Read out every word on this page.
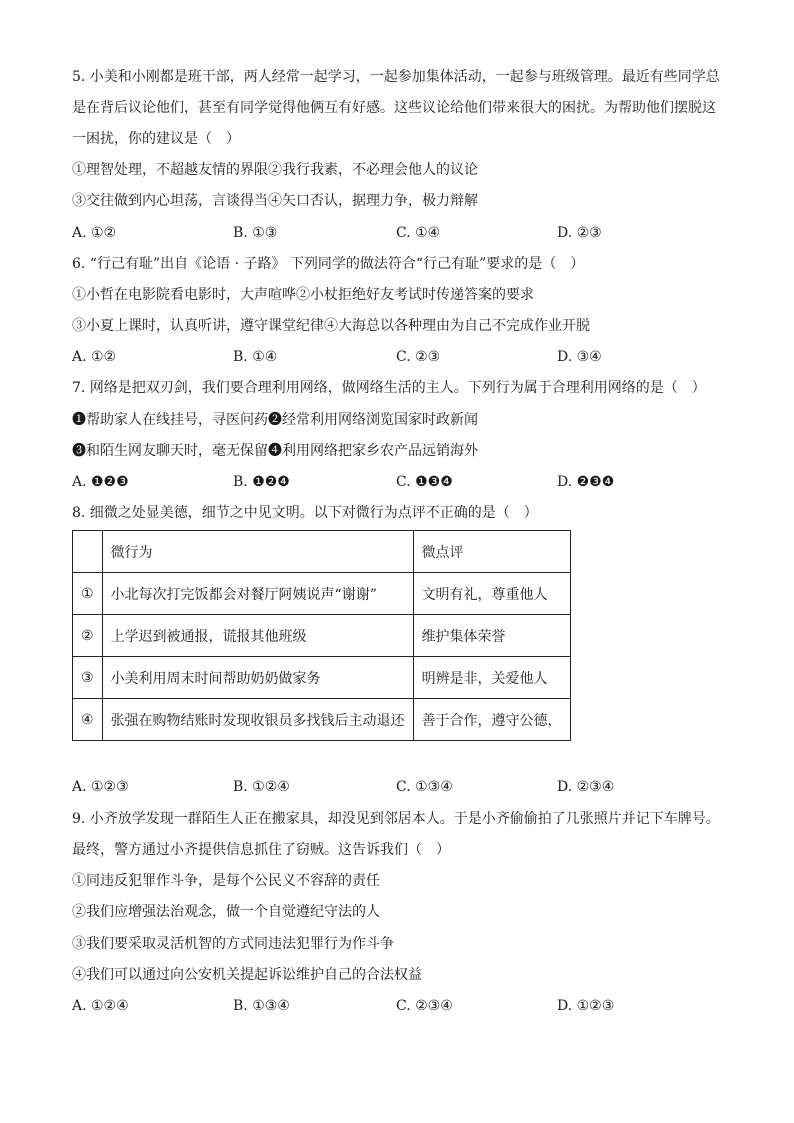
5. 小美和小刚都是班干部，两人经常一起学习，一起参加集体活动，一起参与班级管理。最近有些同学总
是在背后议论他们，甚至有同学觉得他俩互有好感。这些议论给他们带来很大的困扰。为帮助他们摆脱这
一困扰，你的建议是（　）
①理智处理，不超越友情的界限②我行我素，不必理会他人的议论
③交往做到内心坦荡，言谈得当④矢口否认，据理力争，极力辩解
A. ①②	B. ①③	C. ①④	D. ②③
6. “行己有耻”出自《论语 · 子路》 下列同学的做法符合“行己有耻”要求的是（　）
①小哲在电影院看电影时，大声喧哗②小杖拒绝好友考试时传递答案的要求
③小夏上课时，认真听讲，遵守课堂纪律④大海总以各种理由为自己不完成作业开脱
A. ①②	B. ①④	C. ②③	D. ③④
7. 网络是把双刃剑，我们要合理利用网络，做网络生活的主人。下列行为属于合理利用网络的是（　）
❶帮助家人在线挂号，寻医问药❷经常利用网络浏览国家时政新闻
❸和陌生网友聊天时，毫无保留❹利用网络把家乡农产品远销海外
A. ❶❷❸	B. ❶❷❹	C. ❶❸❹	D. ❷❸❹
8. 细微之处显美德，细节之中见文明。以下对微行为点评不正确的是（　）
	微行为	微点评
①	小北每次打完饭都会对餐厅阿姨说声“谢谢”	文明有礼，尊重他人
②	上学迟到被通报，谎报其他班级	维护集体荣誉
③	小美利用周末时间帮助奶奶做家务	明辨是非，关爱他人
④	张强在购物结账时发现收银员多找钱后主动退还	善于合作，遵守公德，
A. ①②③	B. ①②④	C. ①③④	D. ②③④
9. 小齐放学发现一群陌生人正在搬家具，却没见到邻居本人。于是小齐偷偷拍了几张照片并记下车牌号。
最终，警方通过小齐提供信息抓住了窃贼。这告诉我们（　）
①同违反犯罪作斗争，是每个公民义不容辞的责任
②我们应增强法治观念，做一个自觉遵纪守法的人
③我们要采取灵活机智的方式同违法犯罪行为作斗争
④我们可以通过向公安机关提起诉讼维护自己的合法权益
A. ①②④	B. ①③④	C. ②③④	D. ①②③
